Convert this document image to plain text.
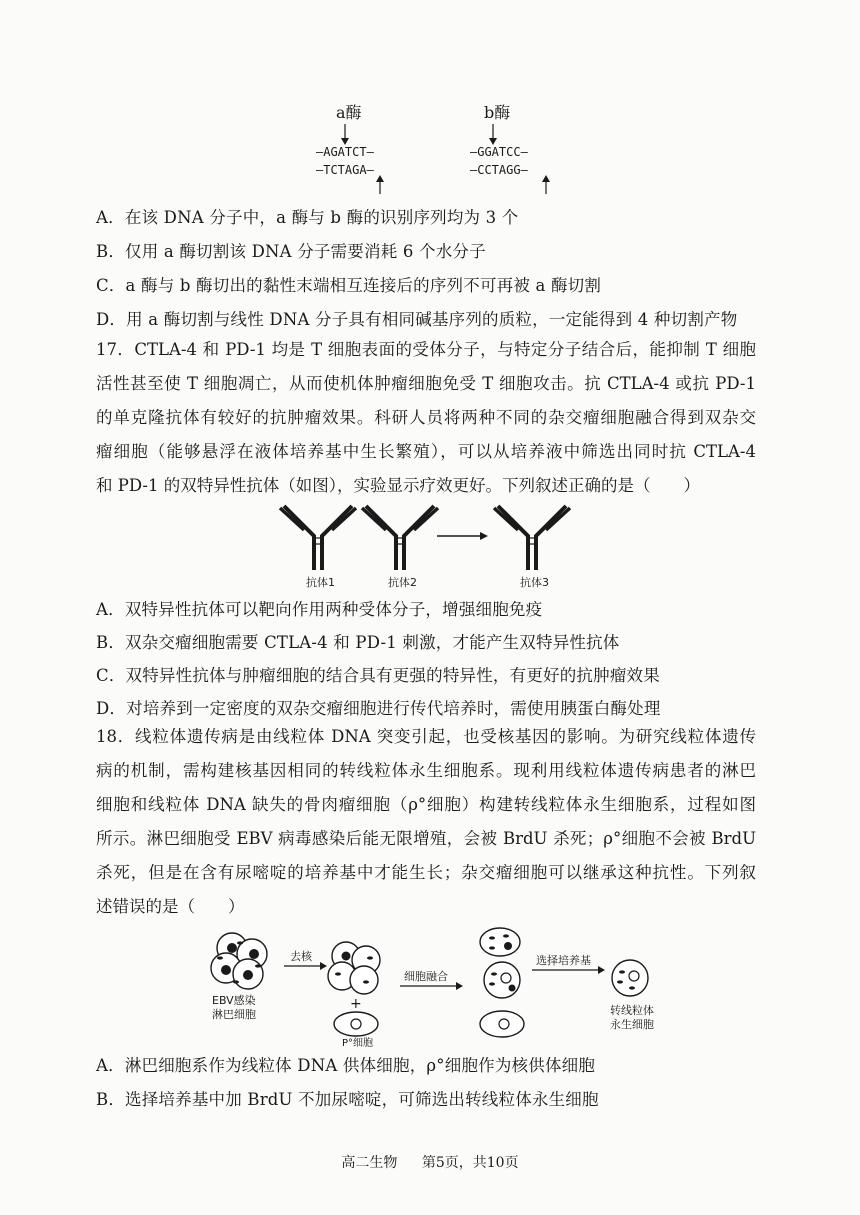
a酶	b酶
—AGATCT—
—TCTAGA—
—GGATCC—
—CCTAGG—
A．在该 DNA 分子中，a 酶与 b 酶的识别序列均为 3 个
B．仅用 a 酶切割该 DNA 分子需要消耗 6 个水分子
C．a 酶与 b 酶切出的黏性末端相互连接后的序列不可再被 a 酶切割
D．用 a 酶切割与线性 DNA 分子具有相同碱基序列的质粒，一定能得到 4 种切割产物
17．CTLA-4 和 PD-1 均是 T 细胞表面的受体分子，与特定分子结合后，能抑制 T 细胞
活性甚至使 T 细胞凋亡，从而使机体肿瘤细胞免受 T 细胞攻击。抗 CTLA-4 或抗 PD-1
的单克隆抗体有较好的抗肿瘤效果。科研人员将两种不同的杂交瘤细胞融合得到双杂交
瘤细胞（能够悬浮在液体培养基中生长繁殖），可以从培养液中筛选出同时抗 CTLA-4
和 PD-1 的双特异性抗体（如图），实验显示疗效更好。下列叙述正确的是（　　）
抗体1	抗体2	抗体3
A．双特异性抗体可以靶向作用两种受体分子，增强细胞免疫
B．双杂交瘤细胞需要 CTLA-4 和 PD-1 刺激，才能产生双特异性抗体
C．双特异性抗体与肿瘤细胞的结合具有更强的特异性，有更好的抗肿瘤效果
D．对培养到一定密度的双杂交瘤细胞进行传代培养时，需使用胰蛋白酶处理
18．线粒体遗传病是由线粒体 DNA 突变引起，也受核基因的影响。为研究线粒体遗传
病的机制，需构建核基因相同的转线粒体永生细胞系。现利用线粒体遗传病患者的淋巴
细胞和线粒体 DNA 缺失的骨肉瘤细胞（ρ°细胞）构建转线粒体永生细胞系，过程如图
所示。淋巴细胞受 EBV 病毒感染后能无限增殖，会被 BrdU 杀死；ρ°细胞不会被 BrdU
杀死，但是在含有尿嘧啶的培养基中才能生长；杂交瘤细胞可以继承这种抗性。下列叙
述错误的是（　　）
EBV感染
淋巴细胞
去核
+
P°细胞
细胞融合
选择培养基
转线粒体
永生细胞
A．淋巴细胞系作为线粒体 DNA 供体细胞，ρ°细胞作为核供体细胞
B．选择培养基中加 BrdU 不加尿嘧啶，可筛选出转线粒体永生细胞
高二生物 第5页，共10页
